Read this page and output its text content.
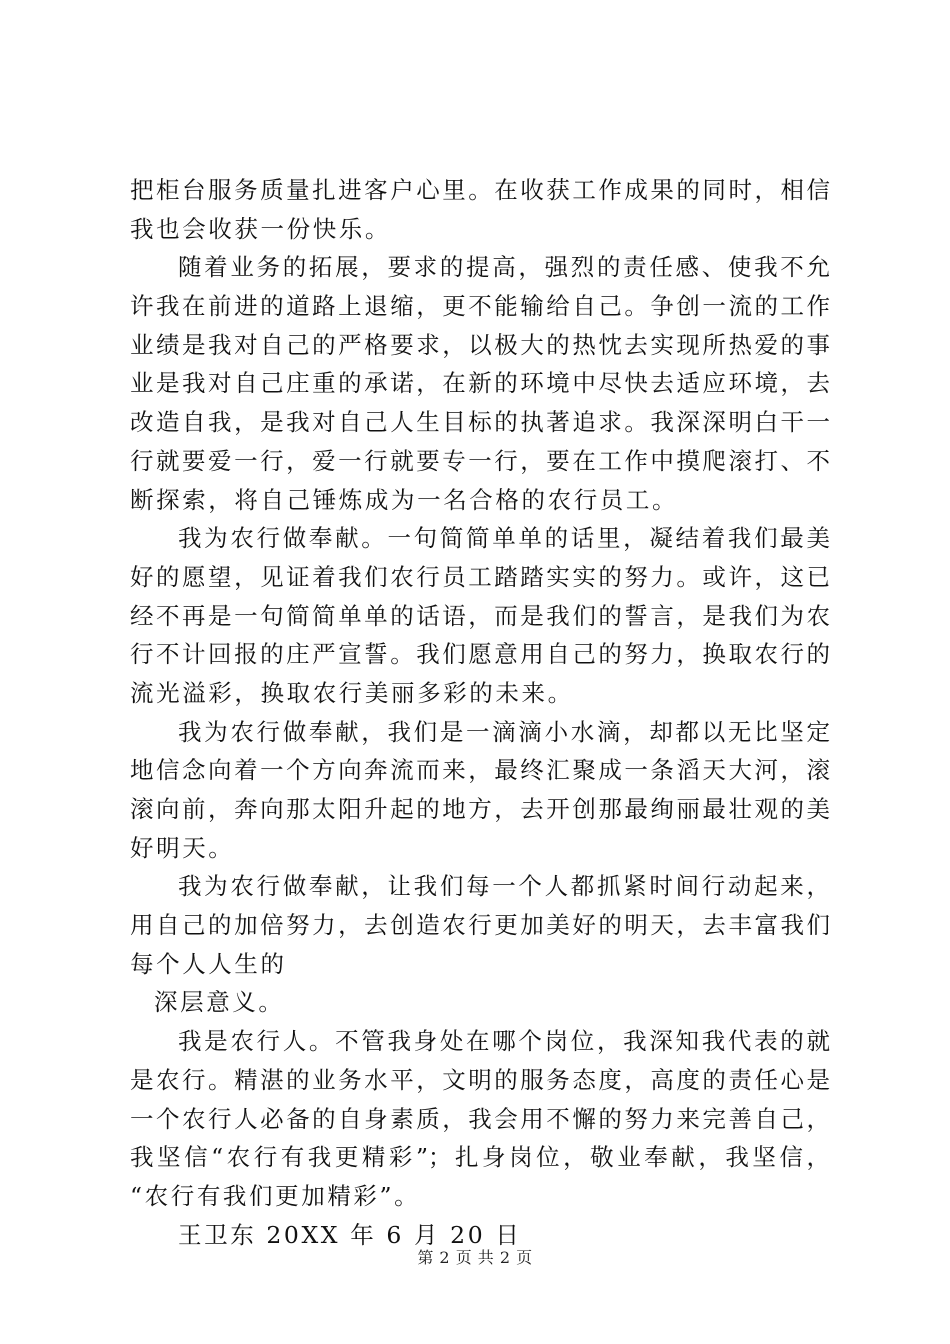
把柜台服务质量扎进客户心里。在收获工作成果的同时，相信
我也会收获一份快乐。
随着业务的拓展，要求的提高，强烈的责任感、使我不允
许我在前进的道路上退缩，更不能输给自己。争创一流的工作
业绩是我对自己的严格要求，以极大的热忱去实现所热爱的事
业是我对自己庄重的承诺，在新的环境中尽快去适应环境，去
改造自我，是我对自己人生目标的执著追求。我深深明白干一
行就要爱一行，爱一行就要专一行，要在工作中摸爬滚打、不
断探索，将自己锤炼成为一名合格的农行员工。
我为农行做奉献。一句简简单单的话里，凝结着我们最美
好的愿望，见证着我们农行员工踏踏实实的努力。或许，这已
经不再是一句简简单单的话语，而是我们的誓言，是我们为农
行不计回报的庄严宣誓。我们愿意用自己的努力，换取农行的
流光溢彩，换取农行美丽多彩的未来。
我为农行做奉献，我们是一滴滴小水滴，却都以无比坚定
地信念向着一个方向奔流而来，最终汇聚成一条滔天大河，滚
滚向前，奔向那太阳升起的地方，去开创那最绚丽最壮观的美
好明天。
我为农行做奉献，让我们每一个人都抓紧时间行动起来，
用自己的加倍努力，去创造农行更加美好的明天，去丰富我们
每个人人生的
深层意义。
我是农行人。不管我身处在哪个岗位，我深知我代表的就
是农行。精湛的业务水平，文明的服务态度，高度的责任心是
一个农行人必备的自身素质，我会用不懈的努力来完善自己，
我坚信“农行有我更精彩”；扎身岗位，敬业奉献，我坚信，
“农行有我们更加精彩”。
王卫东 20XX 年 6 月 20 日
第 2 页 共 2 页
